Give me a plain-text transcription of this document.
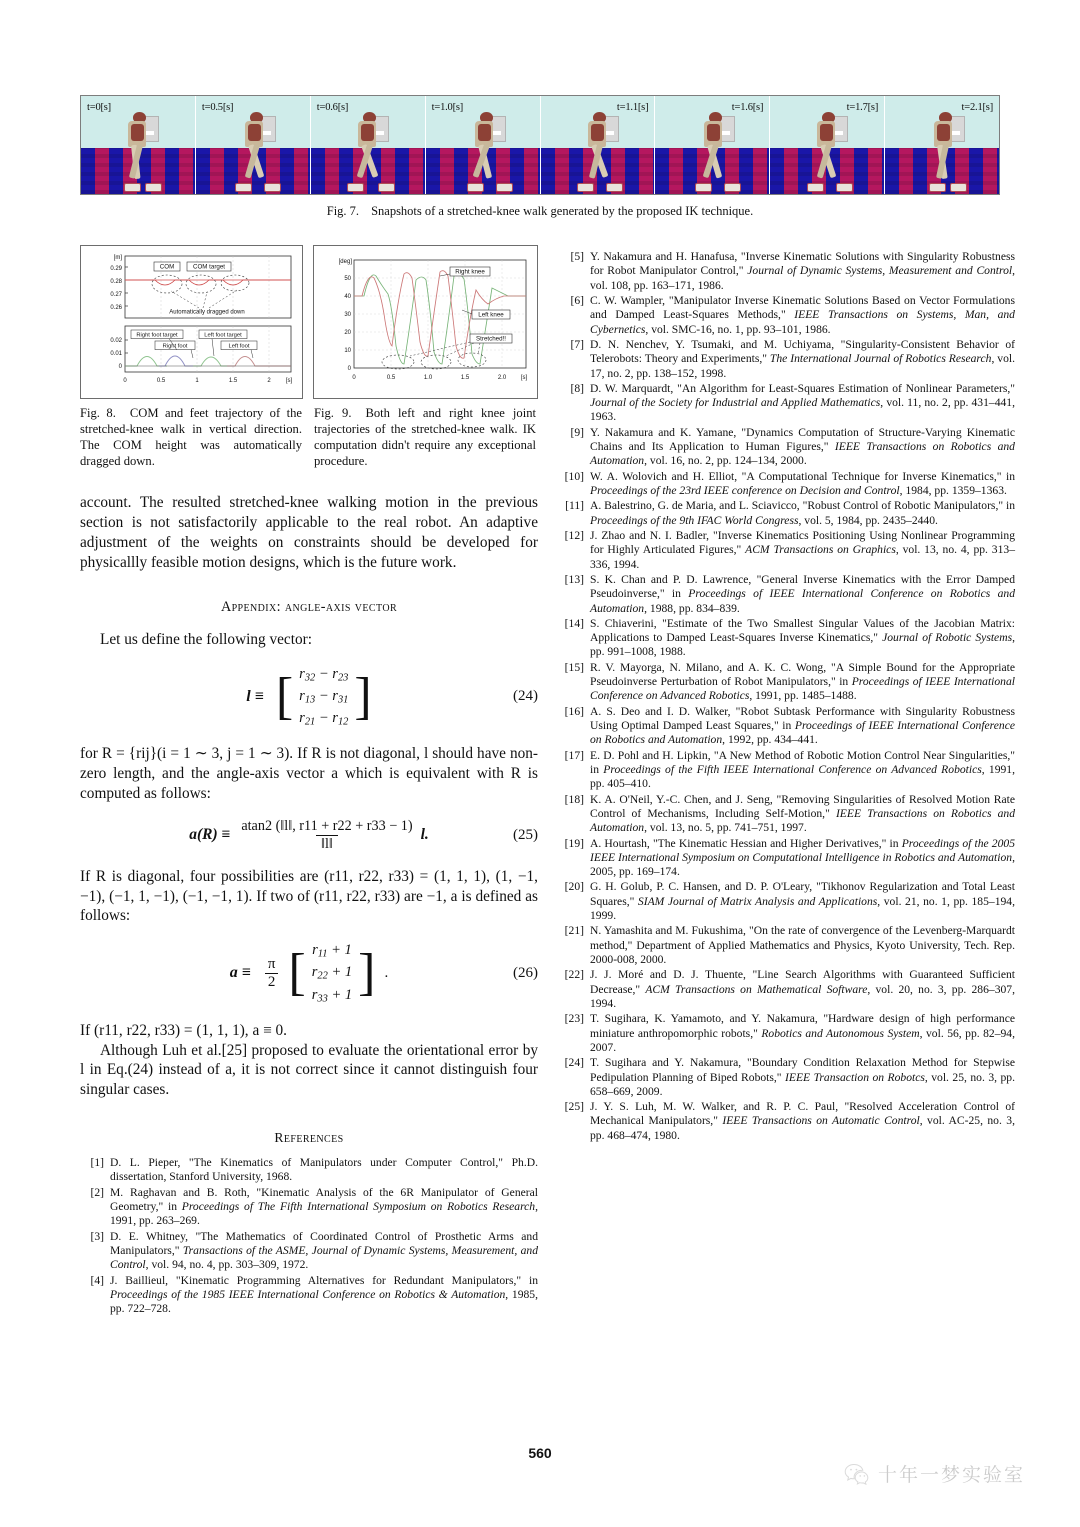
t=0[s]	t=0.5[s]	t=0.6[s]	t=1.0[s]	t=1.1[s]	t=1.6[s]	t=1.7[s]	t=2.1[s]
Fig. 7. Snapshots of a stretched-knee walk generated by the proposed IK technique.
[m]
0.29
0.28
0.27
0.26
COM	COM target
Automatically dragged down
0.02
0.01
0
Right foot target
Right foot
Left foot target
Left foot
0	0.5	1	1.5	2	[s]
[deg]
50
40
30
20
10
0
Right knee
Left knee
Stretched!!
0	0.5	1.0	1.5	2.0 [s]
Fig. 8. COM and feet trajectory of the stretched-knee walk in vertical direction. The COM height was automatically dragged down.
Fig. 9. Both left and right knee joint trajectories of the stretched-knee walk. IK computation didn't require any exceptional procedure.

account. The resulted stretched-knee walking motion in the previous section is not satisfactorily applicable to the real robot. An adaptive adjustment of the weights on constraints should be developed for physicallly feasible motion designs, which is the future work.

Appendix: angle-axis vector

Let us define the following vector:

l ≡ [ $r_{32} - r_{23}$
$r_{13} - r_{31}$
$r_{21} - r_{12}$ ]	(24)

for R = {rij}(i = 1 ∼ 3, j = 1 ∼ 3). If R is not diagonal, l should have non-zero length, and the angle-axis vector a which is equivalent with R is computed as follows:

$a(R) \equiv \frac{atan2 (‖l‖, r11 + r22 + r33 - 1)}{‖l‖} l$.	(25)

If R is diagonal, four possibilities are (r11, r22, r33) = (1, 1, 1), (1, −1, −1), (−1, 1, −1), (−1, −1, 1). If two of (r11, r22, r33) are −1, a is defined as follows:

a ≡
π
2 [ $r_{11} + 1$
$r_{22} + 1$
$r_{33} + 1$ ] .	(26)

If (r11, r22, r33) = (1, 1, 1), a ≡ 0.

Although Luh et al.[25] proposed to evaluate the orientational error by l in Eq.(24) instead of a, it is not correct since it cannot distinguish four singular cases.

References
[1] D. L. Pieper, "The Kinematics of Manipulators under Computer Control," Ph.D. dissertation, Stanford University, 1968.
[2] M. Raghavan and B. Roth, "Kinematic Analysis of the 6R Manipulator of General Geometry," in Proceedings of The Fifth International Symposium on Robotics Research, 1991, pp. 263–269.
[3] D. E. Whitney, "The Mathematics of Coordinated Control of Prosthetic Arms and Manipulators," Transactions of the ASME, Journal of Dynamic Systems, Measurement, and Control, vol. 94, no. 4, pp. 303–309, 1972.
[4] J. Baillieul, "Kinematic Programming Alternatives for Redundant Manipulators," in Proceedings of the 1985 IEEE International Conference on Robotics & Automation, 1985, pp. 722–728.
[5] Y. Nakamura and H. Hanafusa, "Inverse Kinematic Solutions with Singularity Robustness for Robot Manipulator Control," Journal of Dynamic Systems, Measurement and Control, vol. 108, pp. 163–171, 1986.
[6] C. W. Wampler, "Manipulator Inverse Kinematic Solutions Based on Vector Formulations and Damped Least-Squares Methods," IEEE Transactions on Systems, Man, and Cybernetics, vol. SMC-16, no. 1, pp. 93–101, 1986.
[7] D. N. Nenchev, Y. Tsumaki, and M. Uchiyama, "Singularity-Consistent Behavior of Telerobots: Theory and Experiments," The International Journal of Robotics Research, vol. 17, no. 2, pp. 138–152, 1998.
[8] D. W. Marquardt, "An Algorithm for Least-Squares Estimation of Nonlinear Parameters," Journal of the Society for Industrial and Applied Mathematics, vol. 11, no. 2, pp. 431–441, 1963.
[9] Y. Nakamura and K. Yamane, "Dynamics Computation of Structure-Varying Kinematic Chains and Its Application to Human Figures," IEEE Transactions on Robotics and Automation, vol. 16, no. 2, pp. 124–134, 2000.
[10] W. A. Wolovich and H. Elliot, "A Computational Technique for Inverse Kinematics," in Proceedings of the 23rd IEEE conference on Decision and Control, 1984, pp. 1359–1363.
[11] A. Balestrino, G. de Maria, and L. Sciavicco, "Robust Control of Robotic Manipulators," in Proceedings of the 9th IFAC World Congress, vol. 5, 1984, pp. 2435–2440.
[12] J. Zhao and N. I. Badler, "Inverse Kinematics Positioning Using Nonlinear Programming for Highly Articulated Figures," ACM Transactions on Graphics, vol. 13, no. 4, pp. 313–336, 1994.
[13] S. K. Chan and P. D. Lawrence, "General Inverse Kinematics with the Error Damped Pseudoinverse," in Proceedings of IEEE International Conference on Robotics and Automation, 1988, pp. 834–839.
[14] S. Chiaverini, "Estimate of the Two Smallest Singular Values of the Jacobian Matrix: Applications to Damped Least-Squares Inverse Kinematics," Journal of Robotic Systems, pp. 991–1008, 1988.
[15] R. V. Mayorga, N. Milano, and A. K. C. Wong, "A Simple Bound for the Appropriate Pseudoinverse Perturbation of Robot Manipulators," in Proceedings of IEEE International Conference on Advanced Robotics, 1991, pp. 1485–1488.
[16] A. S. Deo and I. D. Walker, "Robot Subtask Performance with Singularity Robustness Using Optimal Damped Least Squares," in Proceedings of IEEE International Conference on Robotics and Automation, 1992, pp. 434–441.
[17] E. D. Pohl and H. Lipkin, "A New Method of Robotic Motion Control Near Singularities," in Proceedings of the Fifth IEEE International Conference on Advanced Robotics, 1991, pp. 405–410.
[18] K. A. O'Neil, Y.-C. Chen, and J. Seng, "Removing Singularities of Resolved Motion Rate Control of Mechanisms, Including Self-Motion," IEEE Transactions on Robotics and Automation, vol. 13, no. 5, pp. 741–751, 1997.
[19] A. Hourtash, "The Kinematic Hessian and Higher Derivatives," in Proceedings of the 2005 IEEE International Symposium on Computational Intelligence in Robotics and Automation, 2005, pp. 169–174.
[20] G. H. Golub, P. C. Hansen, and D. P. O'Leary, "Tikhonov Regularization and Total Least Squares," SIAM Journal of Matrix Analysis and Applications, vol. 21, no. 1, pp. 185–194, 1999.
[21] N. Yamashita and M. Fukushima, "On the rate of convergence of the Levenberg-Marquardt method," Department of Applied Mathematics and Physics, Kyoto University, Tech. Rep. 2000-008, 2000.
[22] J. J. Moré and D. J. Thuente, "Line Search Algorithms with Guaranteed Sufficient Decrease," ACM Transactions on Mathematical Software, vol. 20, no. 3, pp. 286–307, 1994.
[23] T. Sugihara, K. Yamamoto, and Y. Nakamura, "Hardware design of high performance miniature anthropomorphic robots," Robotics and Autonomous System, vol. 56, pp. 82–94, 2007.
[24] T. Sugihara and Y. Nakamura, "Boundary Condition Relaxation Method for Stepwise Pedipulation Planning of Biped Robots," IEEE Transaction on Robotcs, vol. 25, no. 3, pp. 658–669, 2009.
[25] J. Y. S. Luh, M. W. Walker, and R. P. C. Paul, "Resolved Acceleration Control of Mechanical Manipulators," IEEE Transactions on Automatic Control, vol. AC-25, no. 3, pp. 468–474, 1980.
560
十年一梦实验室
